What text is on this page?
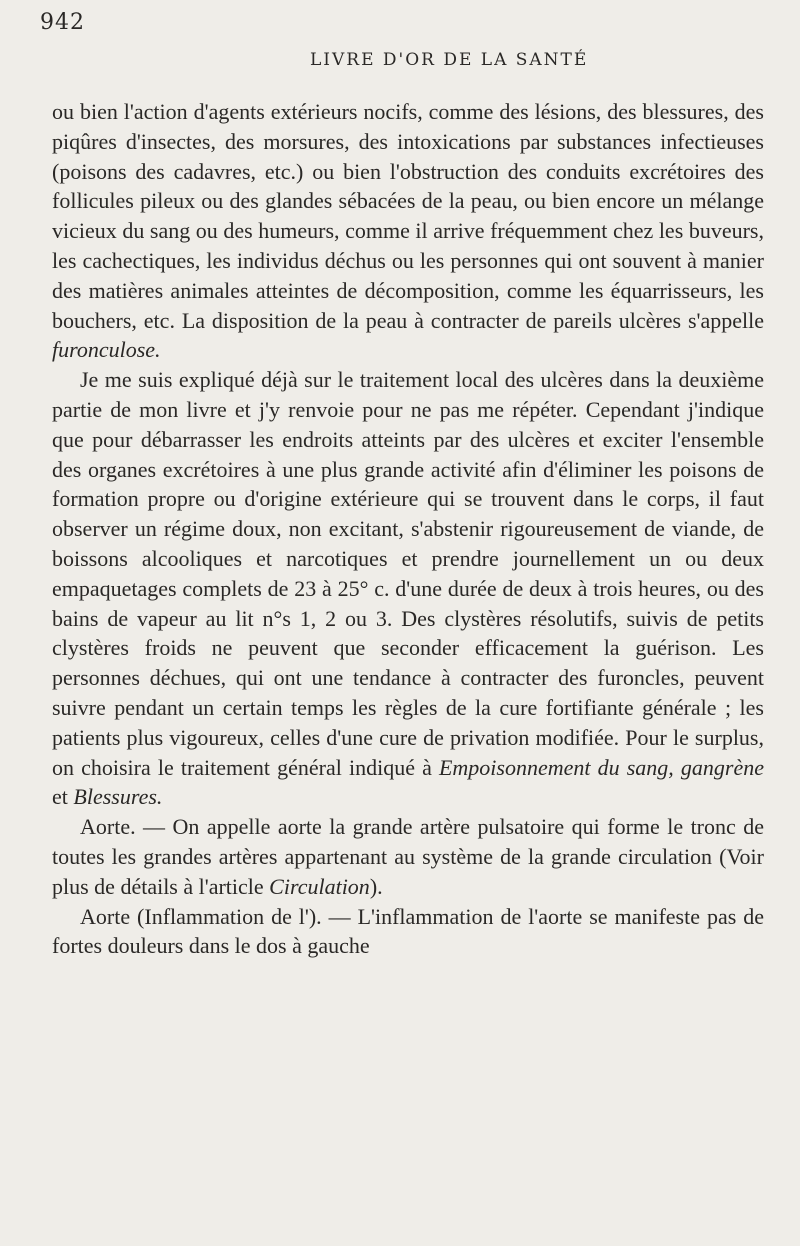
942
LIVRE D'OR DE LA SANTÉ

ou bien l'action d'agents extérieurs nocifs, comme des lésions, des blessures, des piqûres d'insectes, des morsures, des intoxications par substances infectieuses (poisons des cadavres, etc.) ou bien l'obstruction des conduits excrétoires des follicules pileux ou des glandes sébacées de la peau, ou bien encore un mélange vicieux du sang ou des humeurs, comme il arrive fréquemment chez les buveurs, les cachectiques, les individus déchus ou les personnes qui ont souvent à manier des matières animales atteintes de décomposition, comme les équarrisseurs, les bouchers, etc. La disposition de la peau à contracter de pareils ulcères s'appelle furonculose.

Je me suis expliqué déjà sur le traitement local des ulcères dans la deuxième partie de mon livre et j'y renvoie pour ne pas me répéter. Cependant j'indique que pour débarrasser les endroits atteints par des ulcères et exciter l'ensemble des organes excrétoires à une plus grande activité afin d'éliminer les poisons de formation propre ou d'origine extérieure qui se trouvent dans le corps, il faut observer un régime doux, non excitant, s'abstenir rigoureusement de viande, de boissons alcooliques et narcotiques et prendre journellement un ou deux empaquetages complets de 23 à 25° c. d'une durée de deux à trois heures, ou des bains de vapeur au lit n°s 1, 2 ou 3. Des clystères résolutifs, suivis de petits clystères froids ne peuvent que seconder efficacement la guérison. Les personnes déchues, qui ont une tendance à contracter des furoncles, peuvent suivre pendant un certain temps les règles de la cure fortifiante générale ; les patients plus vigoureux, celles d'une cure de privation modifiée. Pour le surplus, on choisira le traitement général indiqué à Empoisonnement du sang, gangrène et Blessures.

Aorte. — On appelle aorte la grande artère pulsatoire qui forme le tronc de toutes les grandes artères appartenant au système de la grande circulation (Voir plus de détails à l'article Circulation).

Aorte (Inflammation de l'). — L'inflammation de l'aorte se manifeste pas de fortes douleurs dans le dos à gauche
